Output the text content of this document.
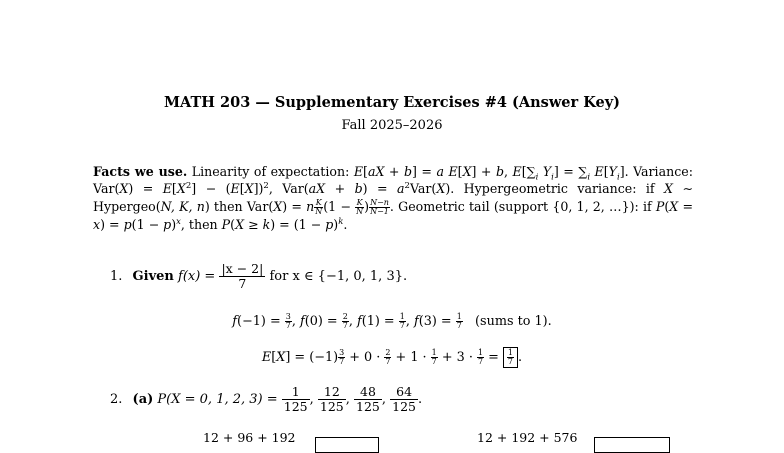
MATH 203 — Supplementary Exercises #4 (Answer Key)
Fall 2025–2026
Facts we use. Linearity of expectation: E[aX + b] = a E[X] + b, $E[\sum_i$ $Y_i] = \sum_i$ $E[Y_i]$. Variance: $Var(X) = E[X^2] - (E[X])^2$, $Var(aX + b) = a^2Var(X)$. Hypergeometric variance: if X ∼ Hypergeo(N, K, n) then Var(X) = n $\frac{K}{N} (1 - \frac{K}{N}$ ) $\frac{N-n}{N-1}$ . Geometric tail (support {0, 1, 2, …}): if $P(X = x) = p(1 - p)^x$, then $P(X \ge k) = (1 - p)^k$.
1. Given $f(x) = \frac{|x - 2|}{7}$ for x ∈ {−1, 0, 1, 3}.
$f(-1) = \frac{3}{7}$ , $f(0) = \frac{2}{7}$ , $f(1) = \frac{1}{7}$ , $f(3) = \frac{1}{7}$ (sums to 1).
$E[X] = (-1) \frac{3}{7} + 0 \cdot \frac{2}{7} + 1 \cdot \frac{1}{7} + 3 \cdot \frac{1}{7} = \frac{1}{7}$ .
2. (a) P(X = 0, 1, 2, $3) = \frac{1}{125}$ , $\frac{12}{125}$ , $\frac{48}{125}$ , $\frac{64}{125}$ .
12 + 96 + 192	12 + 192 + 576
